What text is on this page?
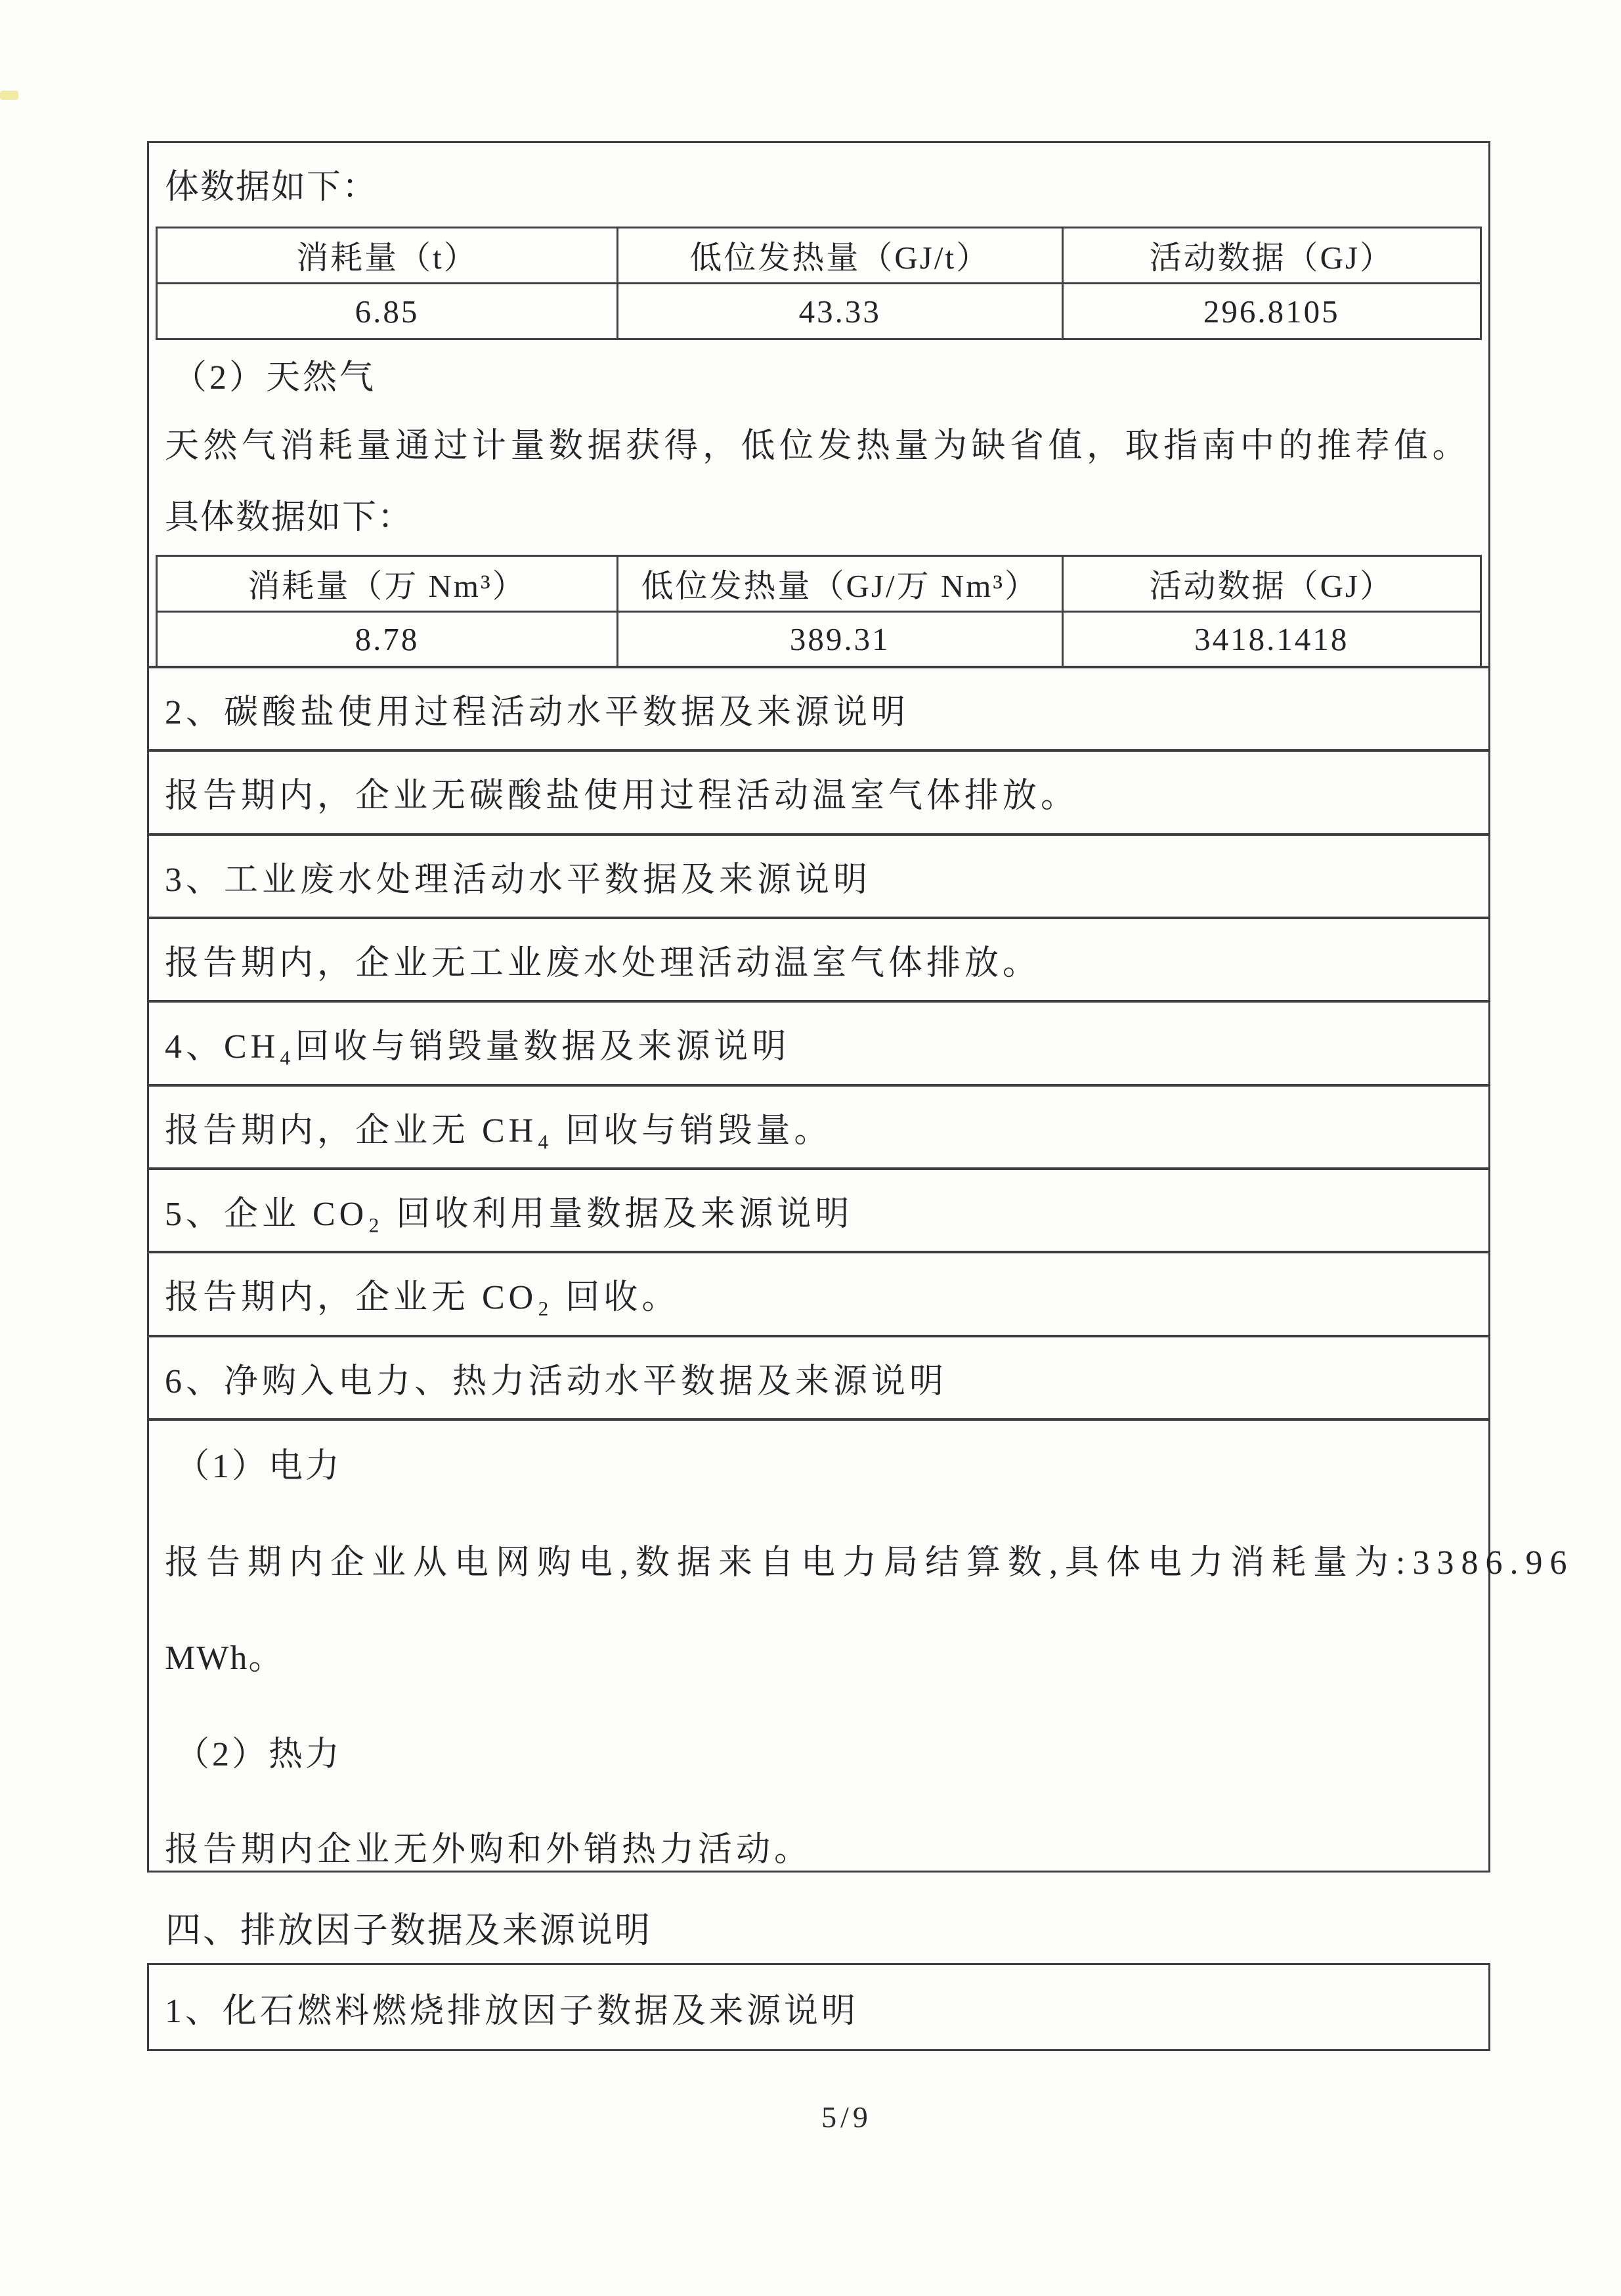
体数据如下：
消耗量（t）	低位发热量（GJ/t）	活动数据（GJ）
6.85	43.33	296.8105
（2）天然气
天然气消耗量通过计量数据获得，低位发热量为缺省值，取指南中的推荐值。
具体数据如下：
消耗量（万 Nm³）	低位发热量（GJ/万 Nm³）	活动数据（GJ）
8.78	389.31	3418.1418
2、碳酸盐使用过程活动水平数据及来源说明
报告期内，企业无碳酸盐使用过程活动温室气体排放。
3、工业废水处理活动水平数据及来源说明
报告期内，企业无工业废水处理活动温室气体排放。
4、CH₄回收与销毁量数据及来源说明
报告期内，企业无 CH₄ 回收与销毁量。
5、企业 CO₂ 回收利用量数据及来源说明
报告期内，企业无 CO₂ 回收。
6、净购入电力、热力活动水平数据及来源说明
（1）电力
报告期内企业从电网购电,数据来自电力局结算数,具体电力消耗量为:3386.96
MWh。
（2）热力
报告期内企业无外购和外销热力活动。
四、排放因子数据及来源说明
1、化石燃料燃烧排放因子数据及来源说明
5/9
